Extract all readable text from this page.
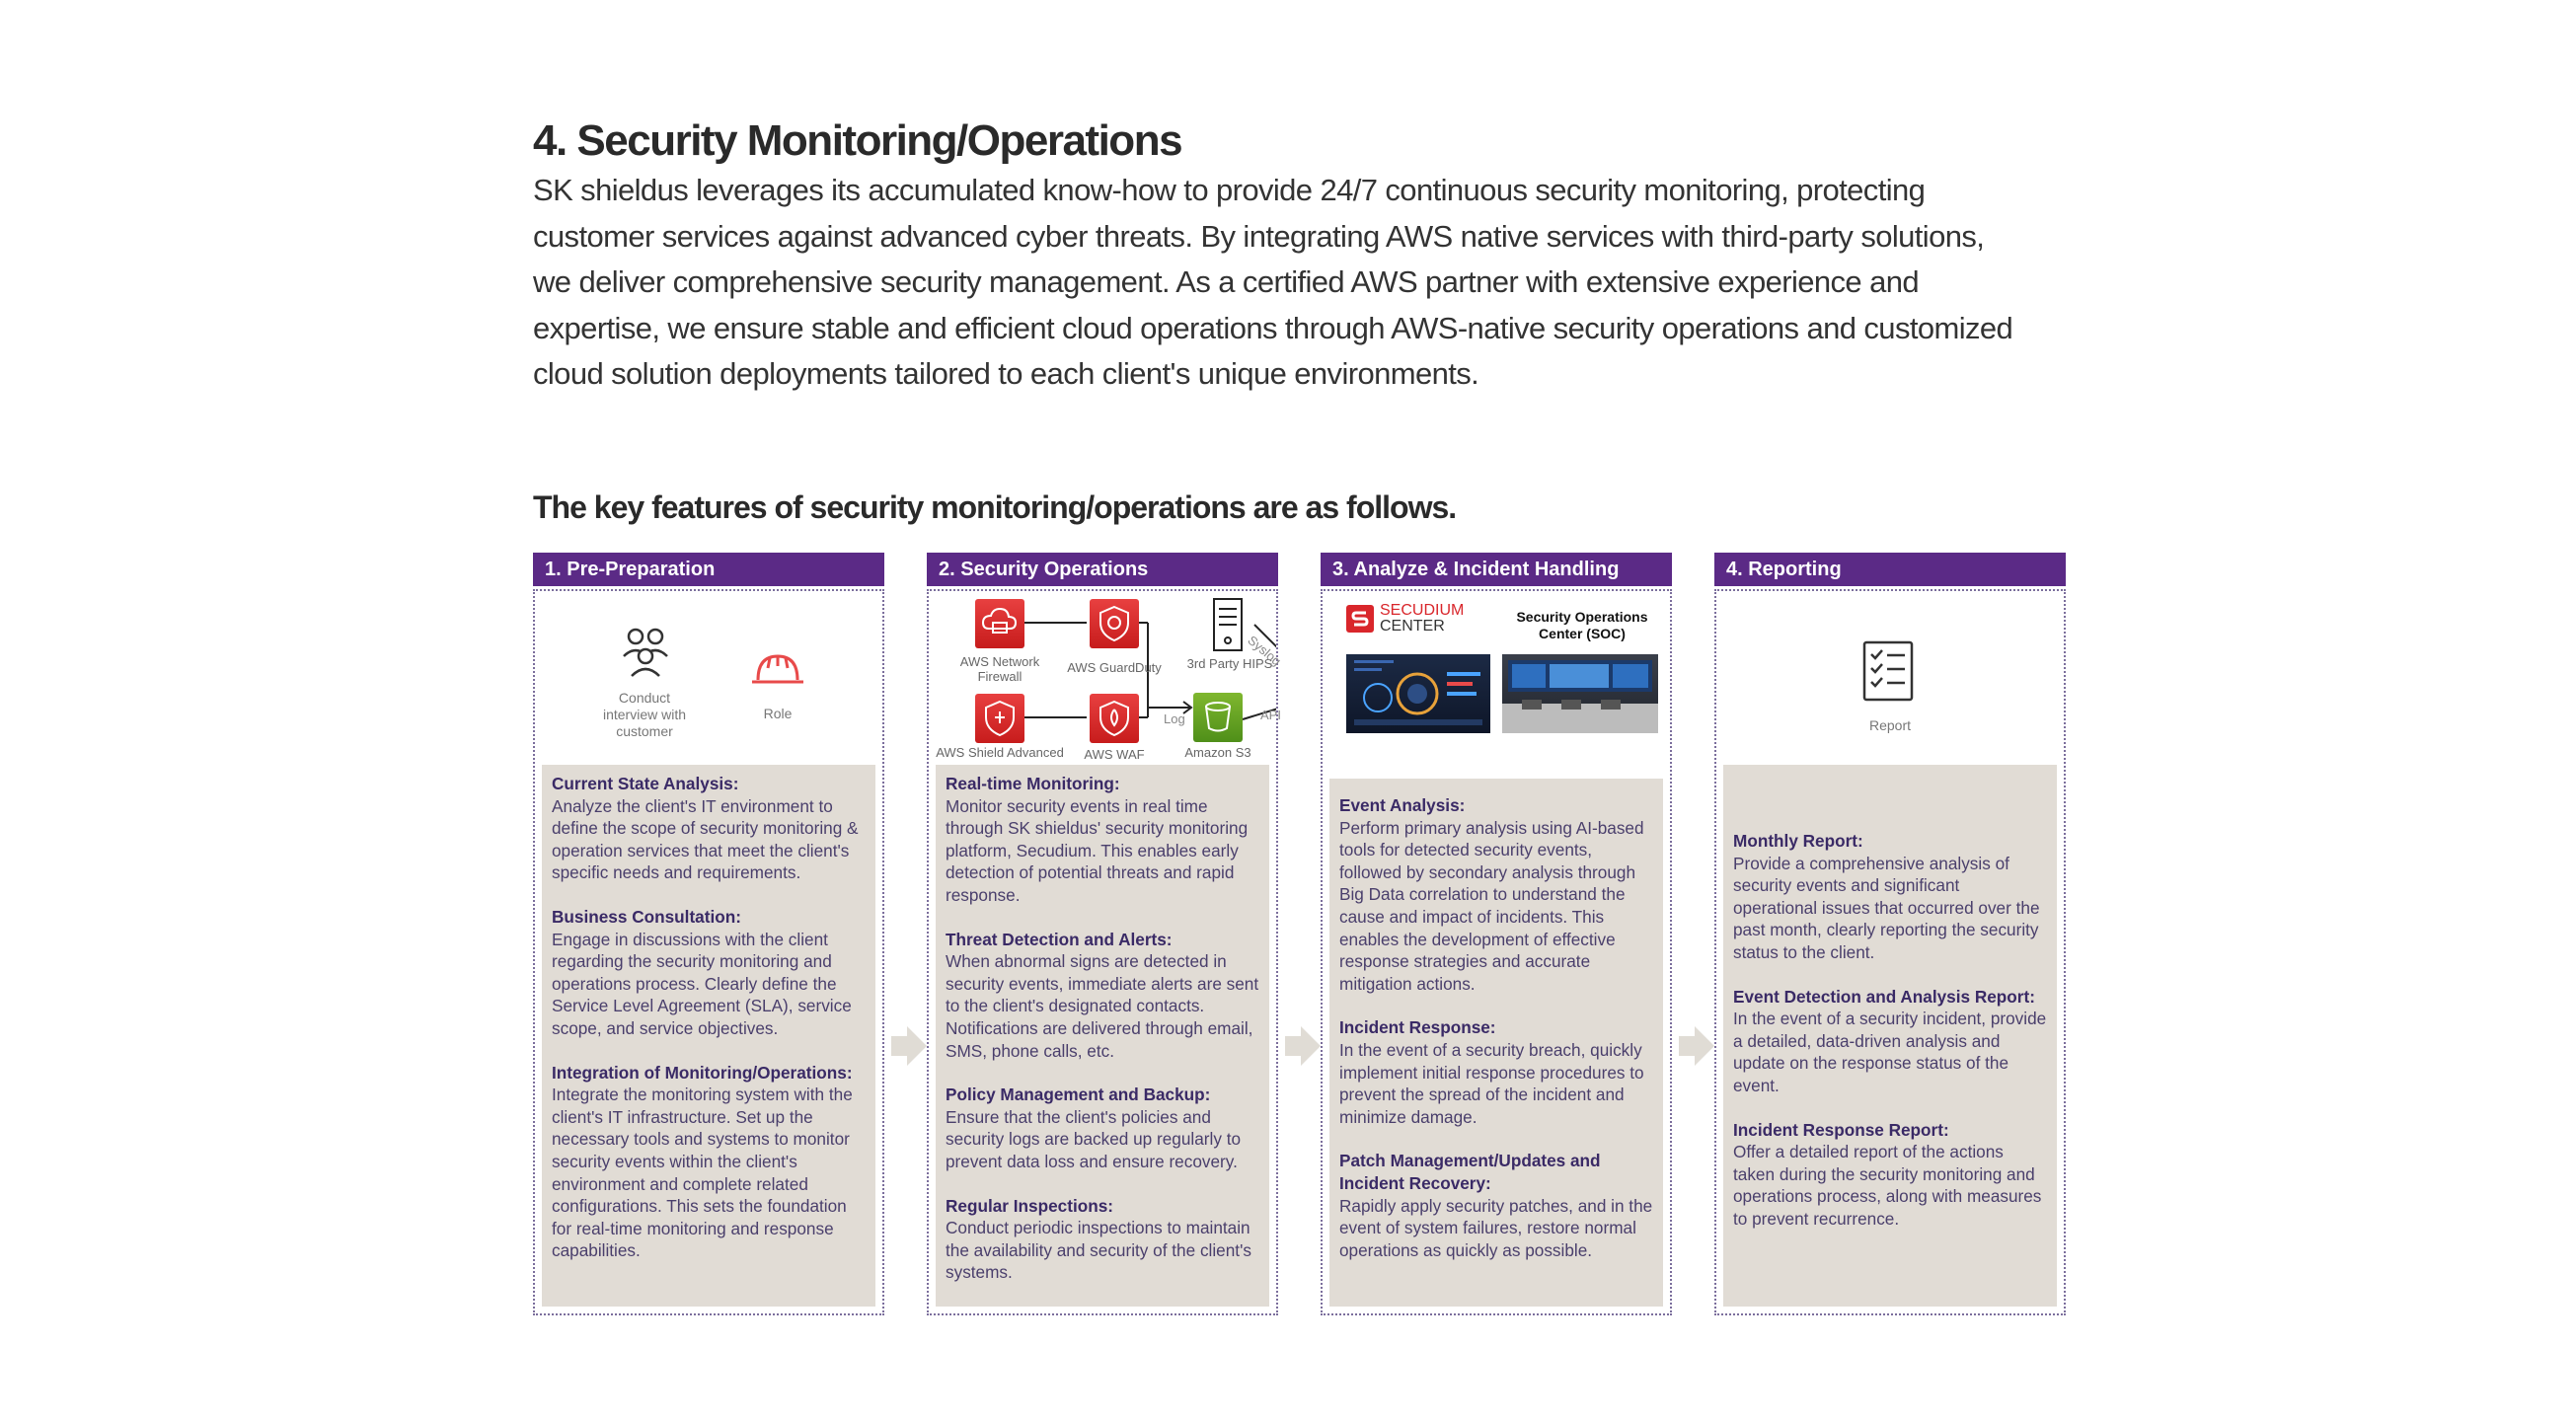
4. Security Monitoring/Operations
SK shieldus leverages its accumulated know-how to provide 24/7 continuous security monitoring, protecting
customer services against advanced cyber threats. By integrating AWS native services with third-party solutions,
we deliver comprehensive security management. As a certified AWS partner with extensive experience and
expertise, we ensure stable and efficient cloud operations through AWS-native security operations and customized
cloud solution deployments tailored to each client's unique environments.
The key features of security monitoring/operations are as follows.
1. Pre-Preparation
Conduct
interview with
customer
Role
Current State Analysis:
Analyze the client's IT environment to define the scope of security monitoring & operation services that meet the client's specific needs and requirements.
Business Consultation:
Engage in discussions with the client regarding the security monitoring and operations process. Clearly define the Service Level Agreement (SLA), service scope, and service objectives.
Integration of Monitoring/Operations:
Integrate the monitoring system with the client's IT infrastructure. Set up the necessary tools and systems to monitor security events within the client's environment and complete related configurations. This sets the foundation for real-time monitoring and response capabilities.
2. Security Operations
AWS Network
Firewall
AWS GuardDuty	3rd Party HIPS
AWS Shield Advanced	AWS WAF	Amazon S3
Log
Syslog
API
Real-time Monitoring:
Monitor security events in real time through SK shieldus' security monitoring platform, Secudium. This enables early detection of potential threats and rapid response.
Threat Detection and Alerts:
When abnormal signs are detected in security events, immediate alerts are sent to the client's designated contacts. Notifications are delivered through email, SMS, phone calls, etc.
Policy Management and Backup:
Ensure that the client's policies and security logs are backed up regularly to prevent data loss and ensure recovery.
Regular Inspections:
Conduct periodic inspections to maintain the availability and security of the client's systems.
3. Analyze & Incident Handling
SECUDIUM
CENTER
Security Operations Center (SOC)
Event Analysis:
Perform primary analysis using AI-based tools for detected security events, followed by secondary analysis through Big Data correlation to understand the cause and impact of incidents. This enables the development of effective response strategies and accurate mitigation actions.
Incident Response:
In the event of a security breach, quickly implement initial response procedures to prevent the spread of the incident and minimize damage.
Patch Management/Updates and Incident Recovery:
Rapidly apply security patches, and in the event of system failures, restore normal operations as quickly as possible.
4. Reporting
Report
Monthly Report:
Provide a comprehensive analysis of security events and significant operational issues that occurred over the past month, clearly reporting the security status to the client.
Event Detection and Analysis Report:
In the event of a security incident, provide a detailed, data-driven analysis and update on the response status of the event.
Incident Response Report:
Offer a detailed report of the actions taken during the security monitoring and operations process, along with measures to prevent recurrence.
